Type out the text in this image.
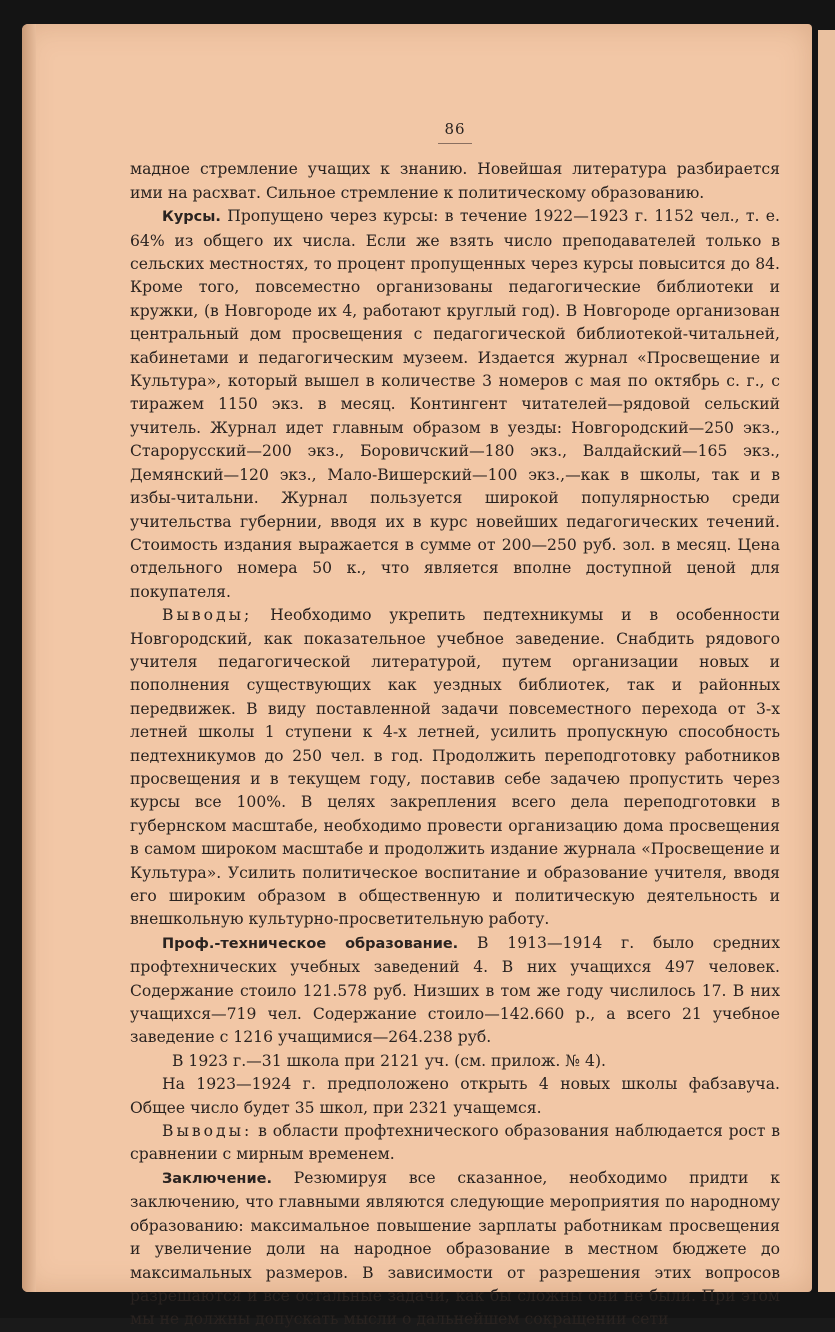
86

мадное стремление учащих к знанию. Новейшая литература разбирается ими на расхват. Сильное стремление к политическому образованию.

Курсы. Пропущено через курсы: в течение 1922—1923 г. 1152 чел., т. е. 64% из общего их числа. Если же взять число преподавателей только в сельских местностях, то процент пропущенных через курсы повысится до 84. Кроме того, повсеместно организованы педагогические библиотеки и кружки, (в Новгороде их 4, работают круглый год). В Новгороде организован центральный дом просвещения с педагогической библиотекой-читальней, кабинетами и педагогическим музеем. Издается журнал «Просвещение и Культура», который вышел в количестве 3 номеров с мая по октябрь с. г., с тиражем 1150 экз. в месяц. Контингент читателей—рядовой сельский учитель. Журнал идет главным образом в уезды: Новгородский—250 экз., Старорусский—200 экз., Боровичский—180 экз., Валдайский—165 экз., Демянский—120 экз., Мало-Вишерский—100 экз.,—как в школы, так и в избы-читальни. Журнал пользуется широкой популярностью среди учительства губернии, вводя их в курс новейших педагогических течений. Стоимость издания выражается в сумме от 200—250 руб. зол. в месяц. Цена отдельного номера 50 к., что является вполне доступной ценой для покупателя.

Выводы; Необходимо укрепить педтехникумы и в особенности Новгородский, как показательное учебное заведение. Снабдить рядового учителя педагогической литературой, путем организации новых и пополнения существующих как уездных библиотек, так и районных передвижек. В виду поставленной задачи повсеместного перехода от 3-х летней школы 1 ступени к 4-х летней, усилить пропускную способность педтехникумов до 250 чел. в год. Продолжить переподготовку работников просвещения и в текущем году, поставив себе задачею пропустить через курсы все 100%. В целях закрепления всего дела переподготовки в губернском масштабе, необходимо провести организацию дома просвещения в самом широком масштабе и продолжить издание журнала «Просвещение и Культура». Усилить политическое воспитание и образование учителя, вводя его широким образом в общественную и политическую деятельность и внешкольную культурно-просветительную работу.

Проф.-техническое образование. В 1913—1914 г. было средних профтехнических учебных заведений 4. В них учащихся 497 человек. Содержание стоило 121.578 руб. Низших в том же году числилось 17. В них учащихся—719 чел. Содержание стоило—142.660 р., а всего 21 учебное заведение с 1216 учащимися—264.238 руб.

В 1923 г.—31 школа при 2121 уч. (см. прилож. № 4).

На 1923—1924 г. предположено открыть 4 новых школы фабзавуча. Общее число будет 35 школ, при 2321 учащемся.

Выводы: в области профтехнического образования наблюдается рост в сравнении с мирным временем.

Заключение. Резюмируя все сказанное, необходимо придти к заключению, что главными являются следующие мероприятия по народному образованию: максимальное повышение зарплаты работникам просвещения и увеличение доли на народное образование в местном бюджете до максимальных размеров. В зависимости от разрешения этих вопросов разрешаются и все остальные задачи, как бы сложны они не были. При этом мы не должны допускать мысли о дальнейшем сокращении сети
